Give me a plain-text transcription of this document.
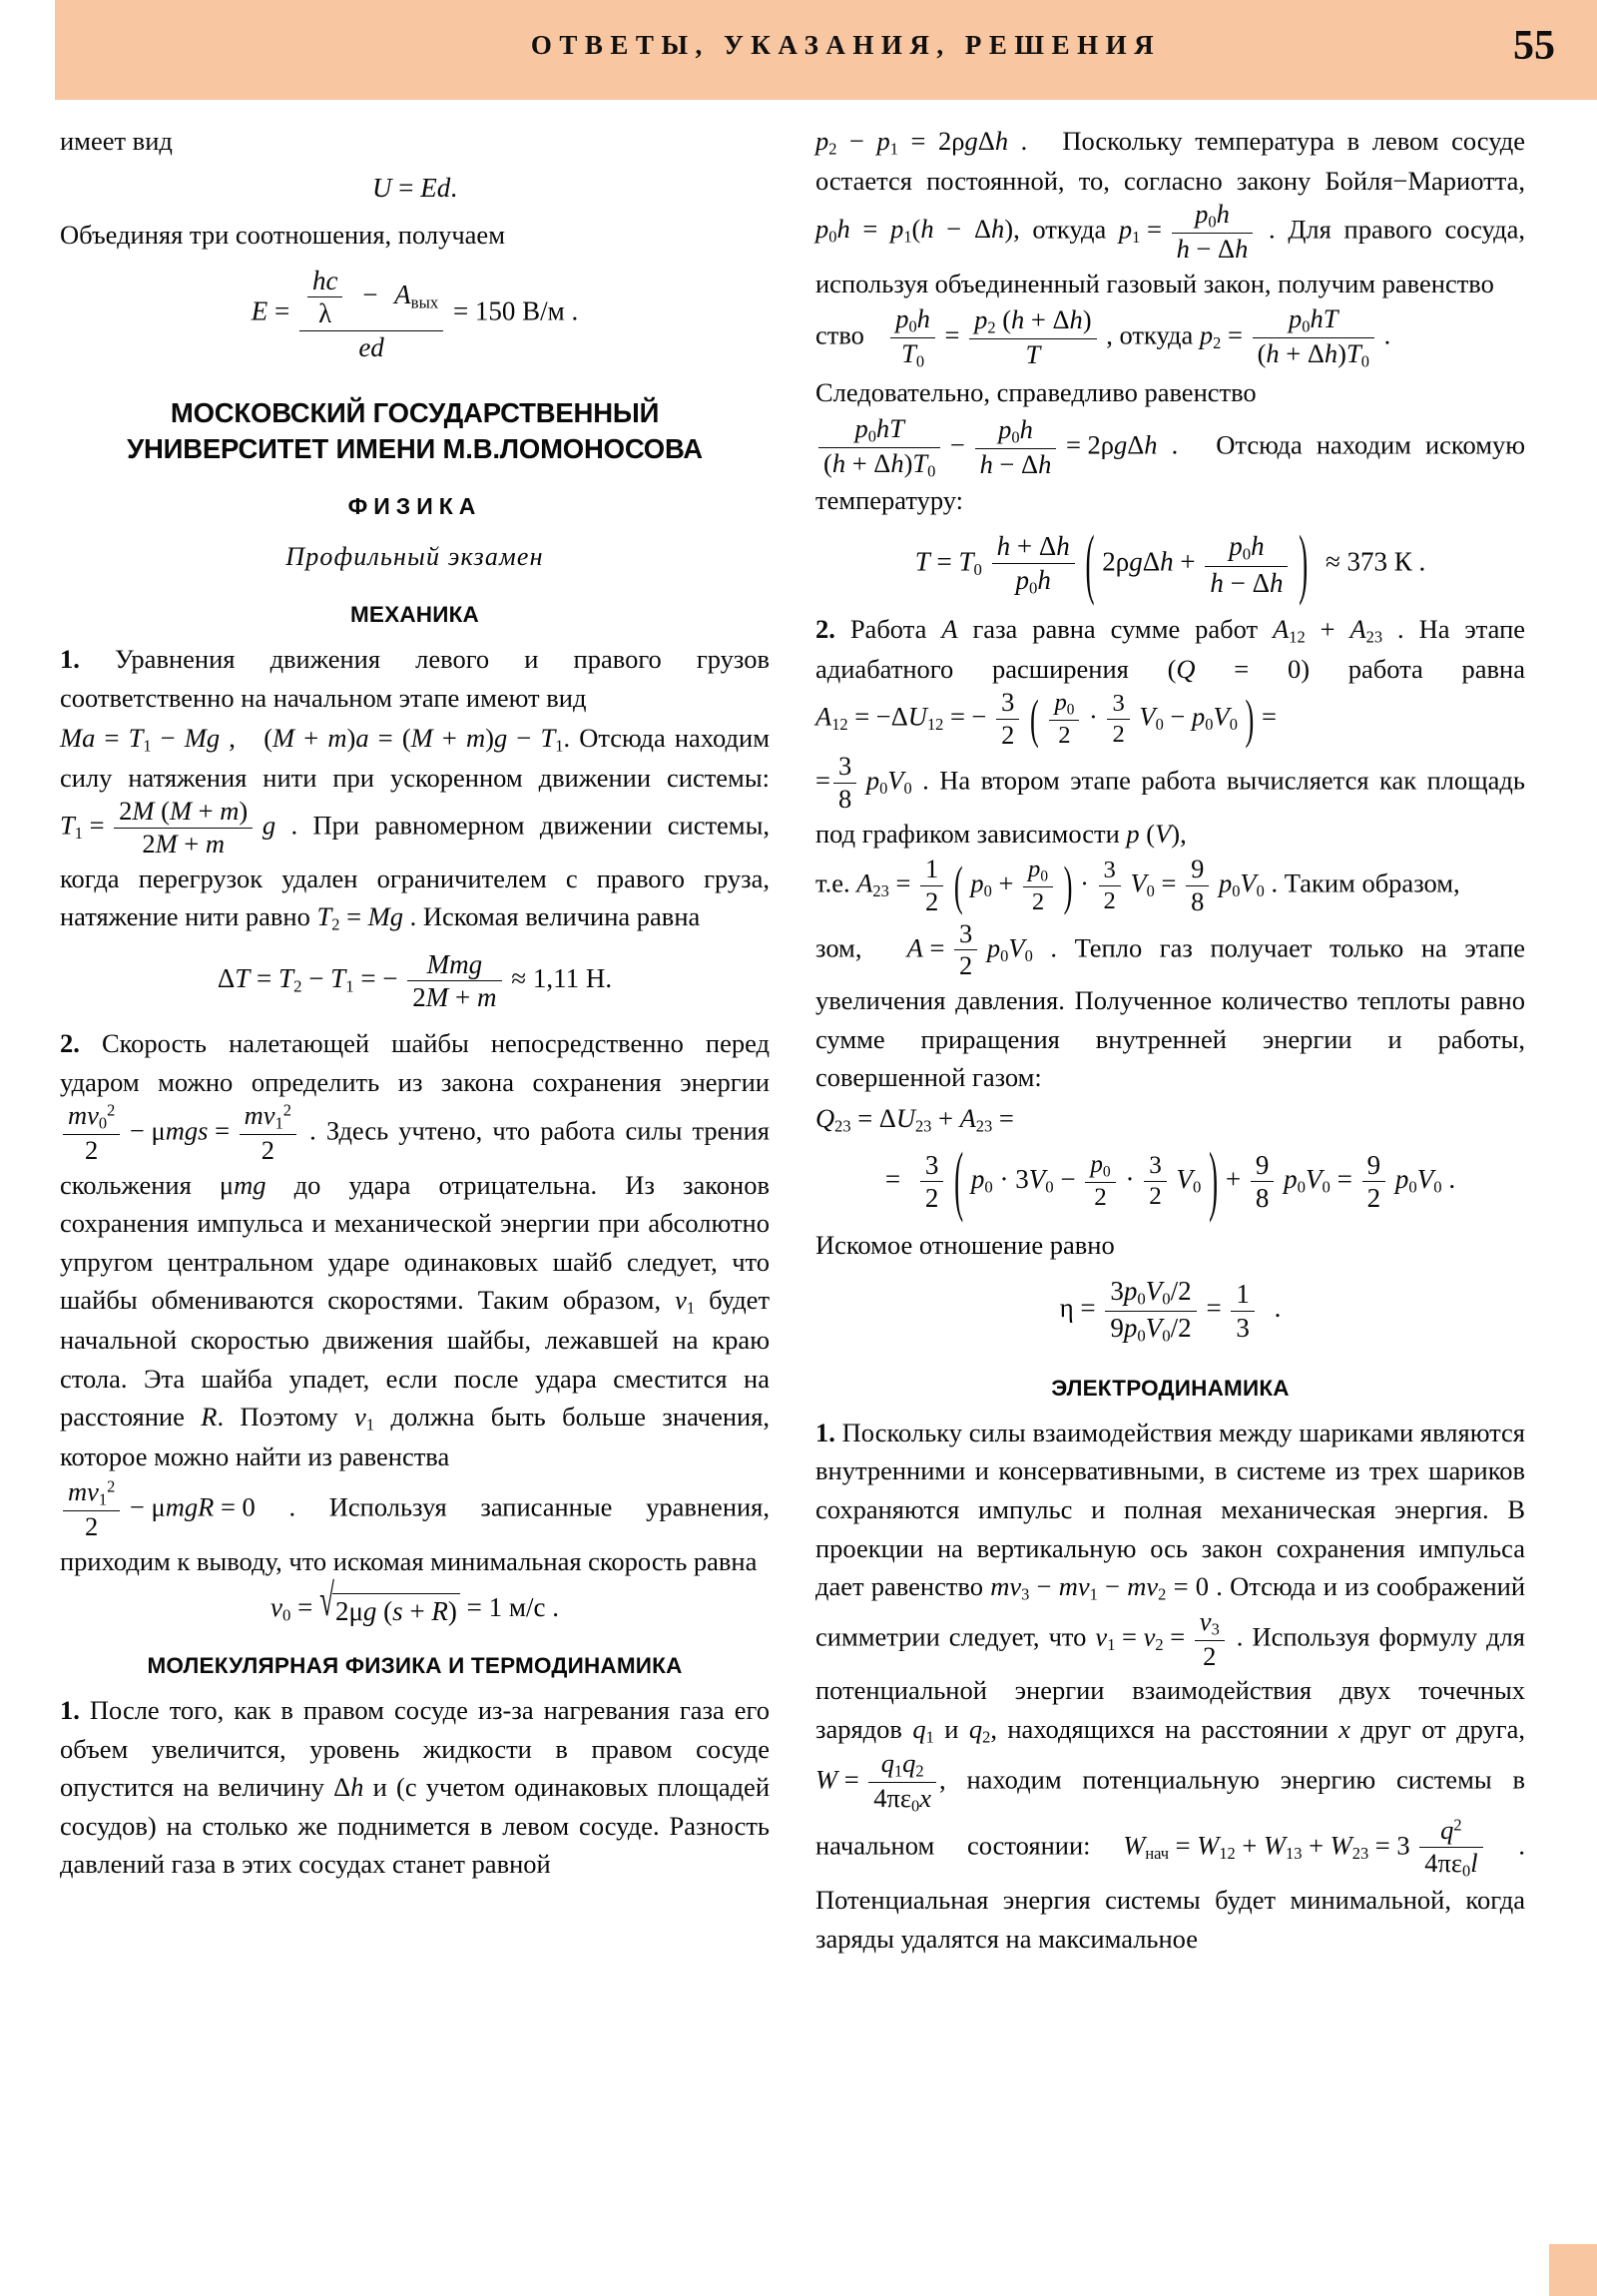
ОТВЕТЫ, УКАЗАНИЯ, РЕШЕНИЯ	55

имеет вид

U = Ed.

Объединяя три соотношения, получаем

$E = \frac{\frac{hc}{\lambda} - A_{вых}}{ed} = 150$ В/м .
МОСКОВСКИЙ ГОСУДАРСТВЕННЫЙ
УНИВЕРСИТЕТ ИМЕНИ М.В.ЛОМОНОСОВА
ФИЗИКА
Профильный экзамен
МЕХАНИКА

1. Уравнения движения левого и правого грузов соответственно на начальном этапе имеют вид

$Ma = T_1 - Mg$ ,  $(M + m)a = (M + m)g - T_1$. Отсюда находим силу натяжения нити при ускоренном движении системы: $T_1 = \frac{2M (M + m)}{2M + m}$ g . При равномерном движении системы, когда перегрузок удален ограничителем с правого груза, натяжение нити равно $T_2 = Mg$ . Искомая величина равна

$\Delta T = T_2 - T_1$ = − $\frac{\text{Mmg}}{2M + m} \approx 1,11$ Н.

2. Скорость налетающей шайбы непосредственно перед ударом можно определить из закона сохранения энергии
$\frac{mv_0^2}{2} - \mu mgs = \frac{mv_1^2}{2}$ . Здесь учтено, что работа силы трения скольжения μmg до удара отрицательна. Из законов сохранения импульса и механической энергии при абсолютно упругом центральном ударе одинаковых шайб следует, что шайбы обмениваются скоростями. Таким образом, $v_1$ будет начальной скоростью движения шайбы, лежавшей на краю стола. Эта шайба упадет, если после удара сместится на расстояние R. Поэтому $v_1$ должна быть больше значения, которое можно найти из равенства

$\frac{mv_1^2}{2} - \mu mgR = 0$ . Используя записанные уравнения, приходим к выводу, что искомая минимальная скорость равна

$v_0 = √2\mu g$ (s + R) = 1 м/с .
МОЛЕКУЛЯРНАЯ ФИЗИКА И ТЕРМОДИНАМИКА

1. После того, как в правом сосуде из-за нагревания газа его объем увеличится, уровень жидкости в правом сосуде опустится на величину Δh и (с учетом одинаковых площадей сосудов) на столько же поднимется в левом сосуде. Разность давлений газа в этих сосудах станет равной

$p_2 - p_1 = 2\rho g\Delta h$ .  Поскольку температура в левом сосуде остается постоянной, то, согласно закону Бойля−Мариотта, $p_0h = p_1(h - \Delta h)$, откуда $p_1 = \frac{p_0h}{h - \Delta h}$ . Для правого сосуда, используя объединенный газовый закон, получим равенство

ство $\frac{p_0h}{T_0} = \frac{p_2 (h + \Delta h)}{T}$ , откуда $p_2 = \frac{p_0hT}{(h + \Delta h)T_0}$ .

Следовательно, справедливо равенство

$\frac{p_0hT}{(h + \Delta h)T_0} - \frac{p_0h}{h - \Delta h} = 2\rho g\Delta h$ .  Отсюда находим искомую температуру:

$T = T_0 \frac{h + \Delta h}{p_0h}$ ( $2\rho g\Delta h + \frac{p_0h}{h - \Delta h}$ ) ≈ 373 К .

2. Работа A газа равна сумме работ $A_{12} + A_{23}$ . На этапе адиабатного расширения (Q = 0) работа равна $A_{12} = -\Delta U_{12}$ = − $\frac{3}{2}$ ( $\frac{p_0}{2} \cdot \frac{3}{2} V_0 - p_0V_0$ ) =

= $\frac{3}{8} p_0V_0$ . На втором этапе работа вычисляется как площадь под графиком зависимости p (V),

т.е. $A_{23} = \frac{1}{2}$ ( $p_0 + \frac{p_0}{2}$ ) · $\frac{3}{2} V_0 = \frac{9}{8} p_0V_0$ . Таким образом,

зом,  $A = \frac{3}{2} p_0V_0$ . Тепло газ получает только на этапе увеличения давления. Полученное количество теплоты равно сумме приращения внутренней энергии и работы, совершенной газом:

$Q_{23} = \Delta U_{23} + A_{23}$ =

= $\frac{3}{2}$ ( $p_0 \cdot 3V_0 - \frac{p_0}{2} \cdot \frac{3}{2} V_0$ ) + $\frac{9}{8} p_0V_0 = \frac{9}{2} p_0V_0$ .

Искомое отношение равно

$\eta = \frac{3p_0V_0/2}{9p_0V_0/2} = \frac{1}{3}$ .
ЭЛЕКТРОДИНАМИКА

1. Поскольку силы взаимодействия между шариками являются внутренними и консервативными, в системе из трех шариков сохраняются импульс и полная механическая энергия. В проекции на вертикальную ось закон сохранения импульса дает равенство $mv_3 - mv_1 - mv_2 = 0$ . Отсюда и из соображений симметрии следует, что $v_1 = v_2 = \frac{v_3}{2}$ . Используя формулу для потенциальной энергии взаимодействия двух точечных зарядов $q_1$ и $q_2$, находящихся на расстоянии x друг от друга, $W = \frac{q_1q_2}{4\pi\varepsilon_0x}$ , находим потенциальную энергию системы в начальном состоянии: $W_{нач} = W_{12} + W_{13} + W_{23} = 3 \frac{q^2}{4\pi\varepsilon_0l}$ . Потенциальная энергия системы будет минимальной, когда заряды удалятся на максимальное
